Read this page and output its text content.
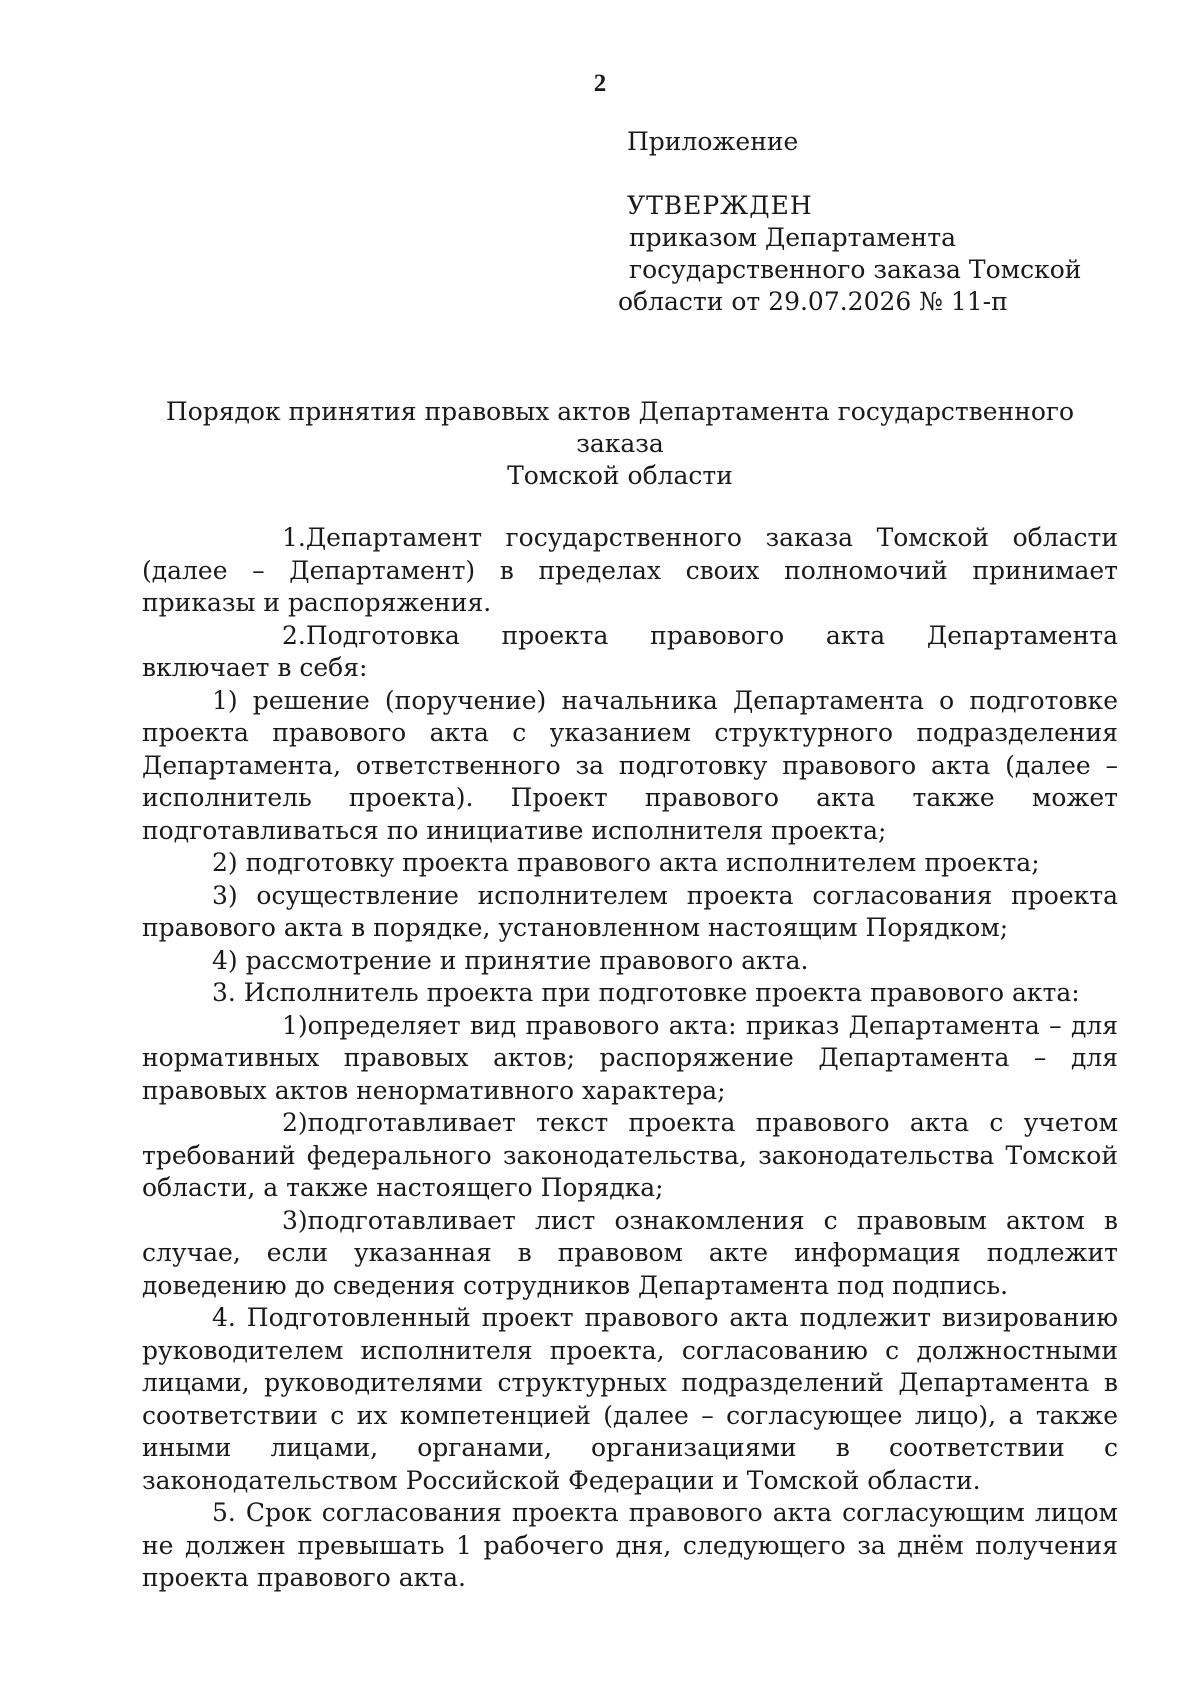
2
Приложение
УТВЕРЖДЕН
приказом Департамента
государственного заказа Томской
области от 29.07.2026 № 11-п
Порядок принятия правовых актов Департамента государственного заказа
Томской области

1.Департамент государственного заказа Томской области (далее – Департамент) в пределах своих полномочий принимает приказы и распоряжения.

2.Подготовка проекта правового акта Департамента включает в себя:

1) решение (поручение) начальника Департамента о подготовке проекта правового акта с указанием структурного подразделения Департамента, ответственного за подготовку правового акта (далее – исполнитель проекта). Проект правового акта также может подготавливаться по инициативе исполнителя проекта;

2) подготовку проекта правового акта исполнителем проекта;

3) осуществление исполнителем проекта согласования проекта правового акта в порядке, установленном настоящим Порядком;

4) рассмотрение и принятие правового акта.

3. Исполнитель проекта при подготовке проекта правового акта:

1)определяет вид правового акта: приказ Департамента – для нормативных правовых актов; распоряжение Департамента – для правовых актов ненормативного характера;

2)подготавливает текст проекта правового акта с учетом требований федерального законодательства, законодательства Томской области, а также настоящего Порядка;

3)подготавливает лист ознакомления с правовым актом в случае, если указанная в правовом акте информация подлежит доведению до сведения сотрудников Департамента под подпись.

4. Подготовленный проект правового акта подлежит визированию руководителем исполнителя проекта, согласованию с должностными лицами, руководителями структурных подразделений Департамента в соответствии с их компетенцией (далее – согласующее лицо), а также иными лицами, органами, организациями в соответствии с законодательством Российской Федерации и Томской области.

5. Срок согласования проекта правового акта согласующим лицом не должен превышать 1 рабочего дня, следующего за днём получения проекта правового акта.
